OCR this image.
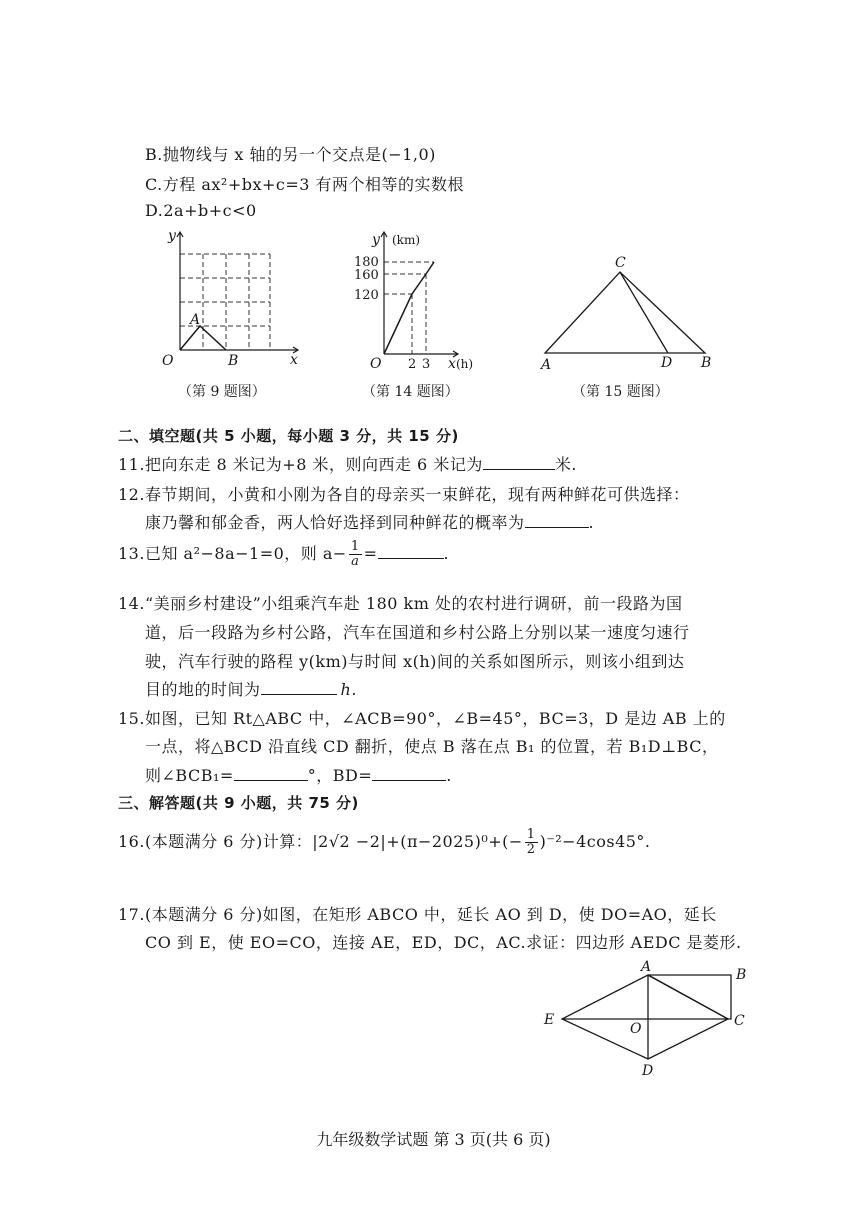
B.抛物线与 x 轴的另一个交点是(−1,0)
C.方程 ax²+bx+c=3 有两个相等的实数根
D.2a+b+c<0
y
x
O
A
B
（第 9 题图）
y (km)
180
160
120
O 2 3 x (h)
（第 14 题图）
C
A	D B
（第 15 题图）
二、填空题(共 5 小题，每小题 3 分，共 15 分)
11.把向东走 8 米记为+8 米，则向西走 6 米记为	米.
12.春节期间，小黄和小刚为各自的母亲买一束鲜花，现有两种鲜花可供选择：
康乃馨和郁金香，两人恰好选择到同种鲜花的概率为	.
13.已知 a²−8a−1=0，则 $a- \frac{1}{a}$ =	.
14.“美丽乡村建设”小组乘汽车赴 180 km 处的农村进行调研，前一段路为国
道，后一段路为乡村公路，汽车在国道和乡村公路上分别以某一速度匀速行
驶，汽车行驶的路程 y(km)与时间 x(h)间的关系如图所示，则该小组到达
目的地的时间为	h.
15.如图，已知 Rt△ABC 中，∠ACB=90°，∠B=45°，BC=3，D 是边 AB 上的
一点，将△BCD 沿直线 CD 翻折，使点 B 落在点 B₁ 的位置，若 B₁D⊥BC，
则∠BCB₁=	°，BD=	.
三、解答题(共 9 小题，共 75 分)
16.(本题满分 6 分)计算：$|2√2 -2|+(\pi-2025)^0+(- \frac{1}{2} )^{-2}-4\cos 45^\circ$.
17.(本题满分 6 分)如图，在矩形 ABCO 中，延长 AO 到 D，使 DO=AO，延长
CO 到 E，使 EO=CO，连接 AE，ED，DC，AC.求证：四边形 AEDC 是菱形.
A	B
C
D
E
O
九年级数学试题 第 3 页(共 6 页)
